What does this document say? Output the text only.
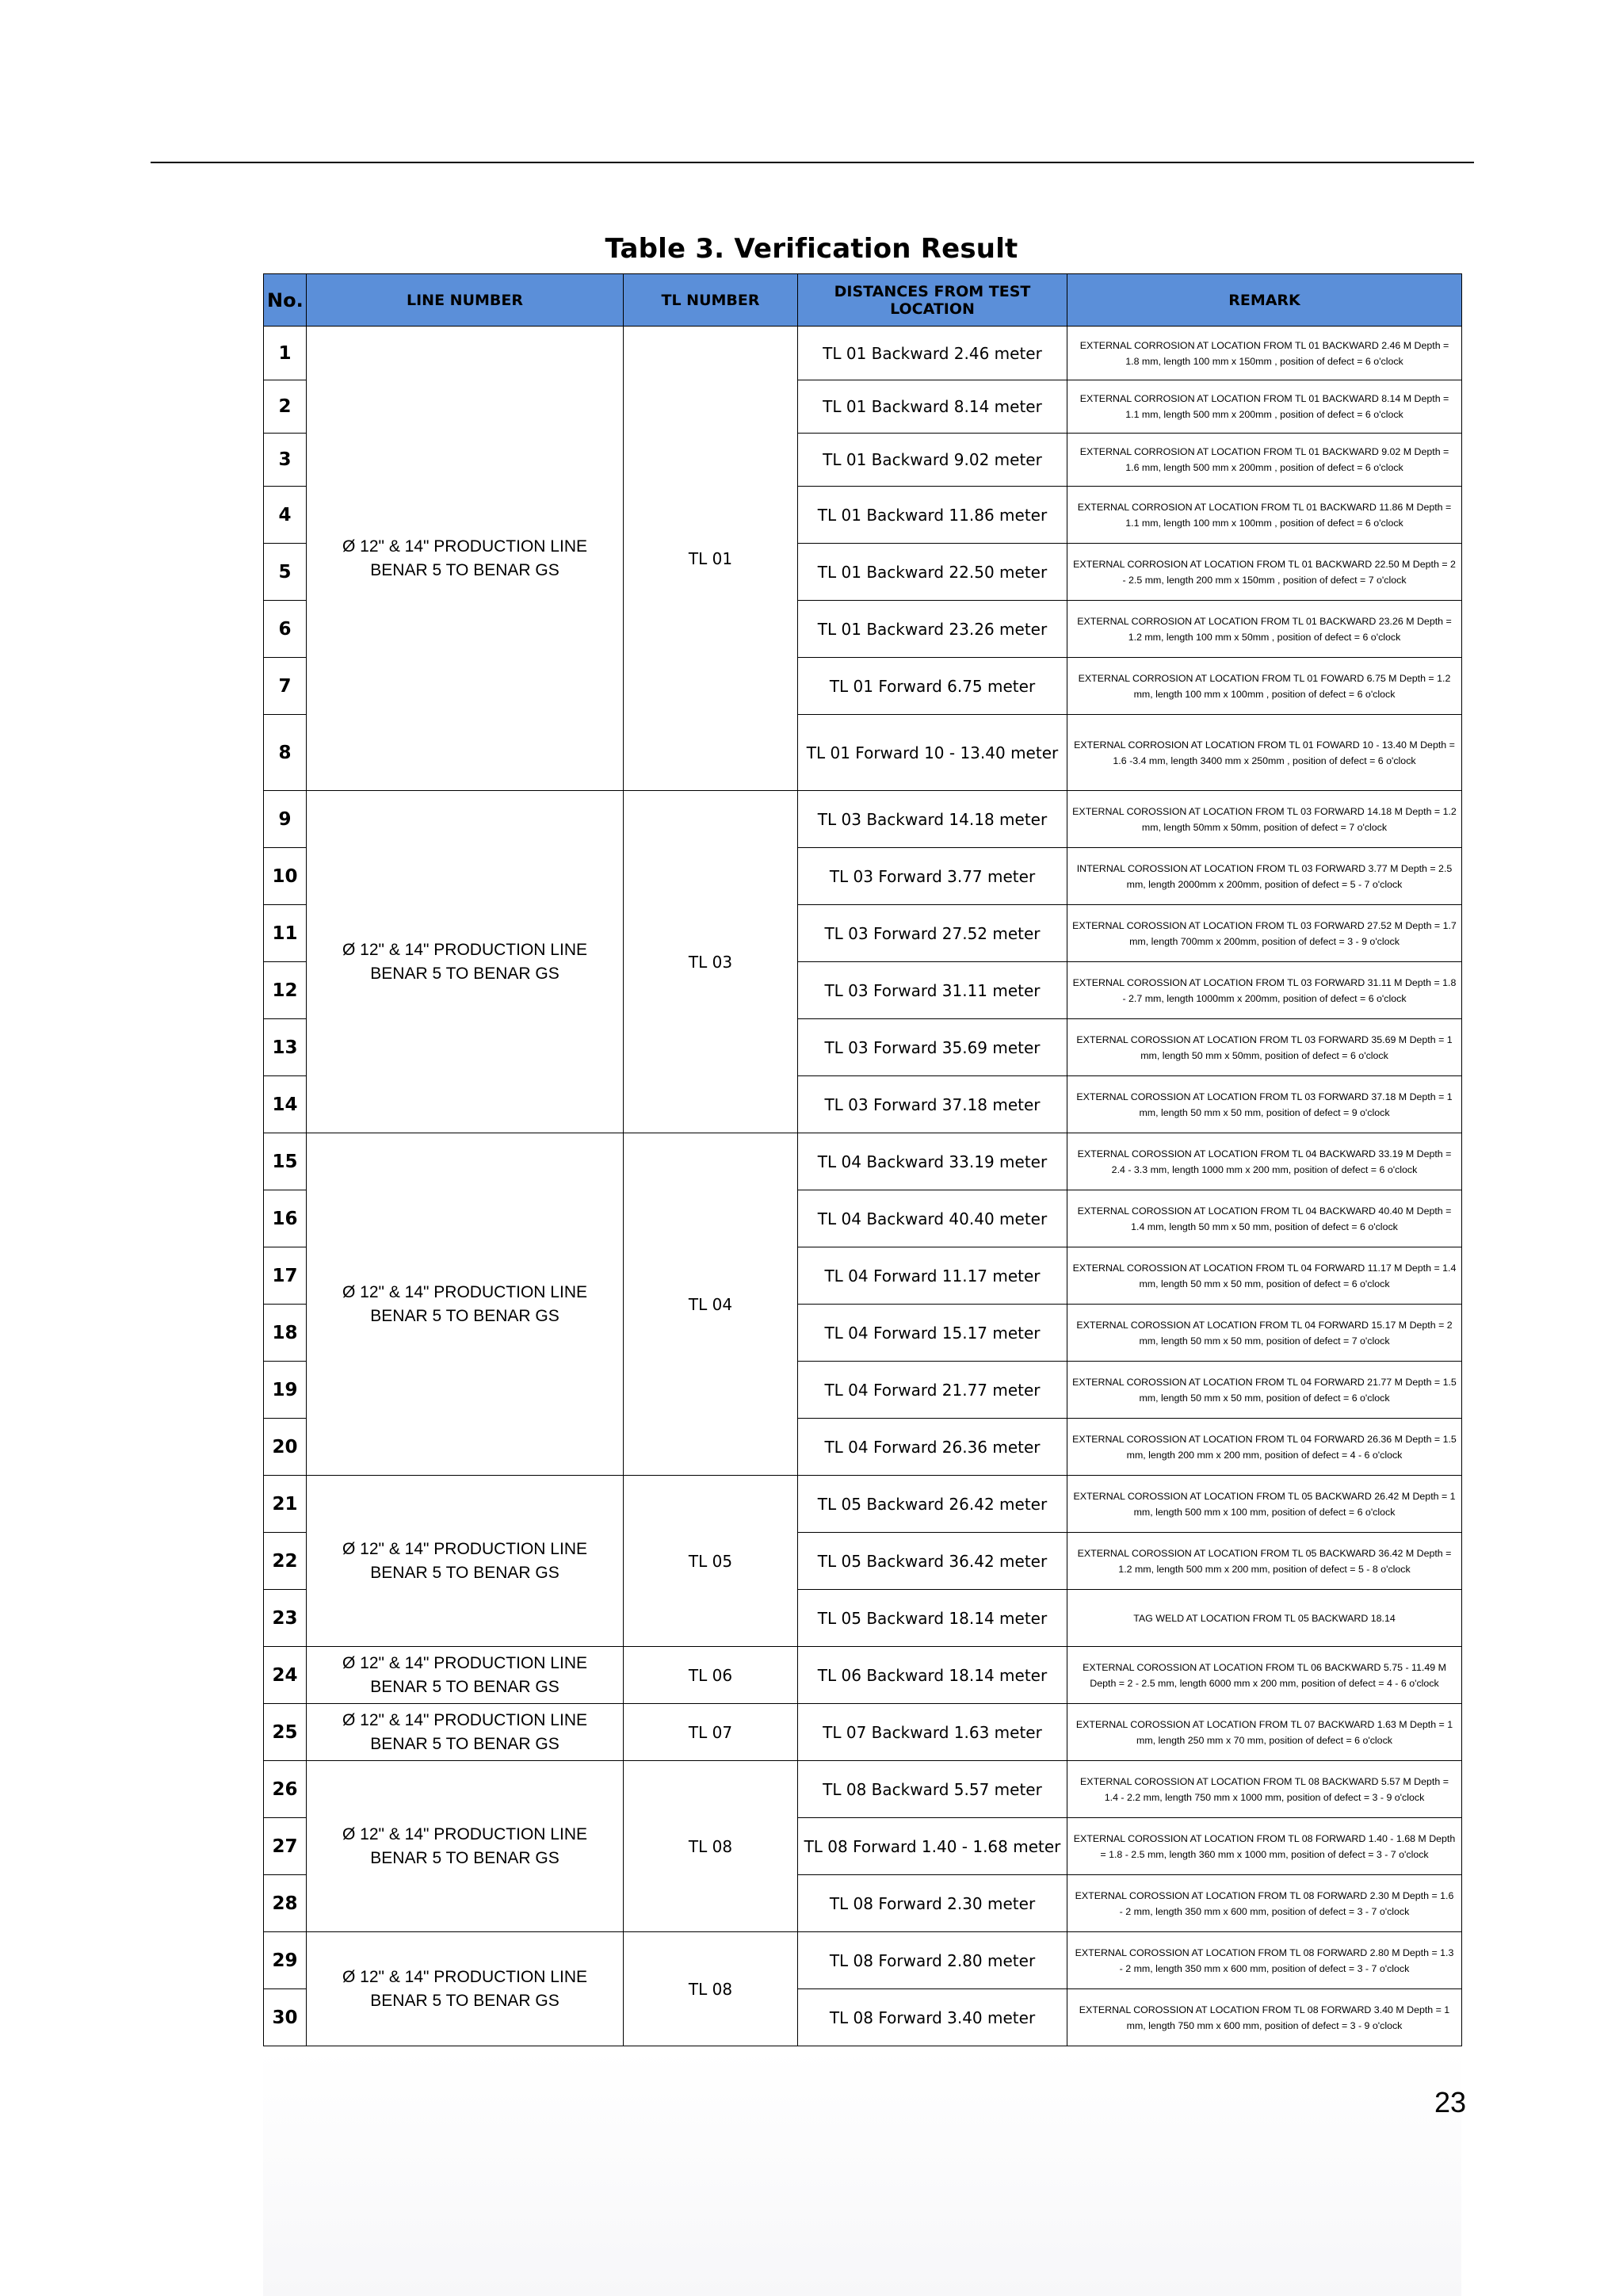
Table 3. Verification Result
No.	LINE NUMBER	TL NUMBER	DISTANCES FROM TEST LOCATION	REMARK
1	Ø 12" & 14" PRODUCTION LINE BENAR 5 TO BENAR GS	TL 01	TL 01 Backward 2.46 meter	EXTERNAL CORROSION AT LOCATION FROM TL 01 BACKWARD 2.46 M Depth = 1.8 mm, length 100 mm x 150mm , position of defect = 6 o'clock
2			TL 01 Backward 8.14 meter	EXTERNAL CORROSION AT LOCATION FROM TL 01 BACKWARD 8.14 M Depth = 1.1 mm, length 500 mm x 200mm , position of defect = 6 o'clock
3			TL 01 Backward 9.02 meter	EXTERNAL CORROSION AT LOCATION FROM TL 01 BACKWARD 9.02 M Depth = 1.6 mm, length 500 mm x 200mm , position of defect = 6 o'clock
4			TL 01 Backward 11.86 meter	EXTERNAL CORROSION AT LOCATION FROM TL 01 BACKWARD 11.86 M Depth = 1.1 mm, length 100 mm x 100mm , position of defect = 6 o'clock
5			TL 01 Backward 22.50 meter	EXTERNAL CORROSION AT LOCATION FROM TL 01 BACKWARD 22.50 M Depth = 2 - 2.5 mm, length 200 mm x 150mm , position of defect = 7 o'clock
6			TL 01 Backward 23.26 meter	EXTERNAL CORROSION AT LOCATION FROM TL 01 BACKWARD 23.26 M Depth = 1.2 mm, length 100 mm x 50mm , position of defect = 6 o'clock
7			TL 01 Forward 6.75 meter	EXTERNAL CORROSION AT LOCATION FROM TL 01 FOWARD 6.75 M Depth = 1.2 mm, length 100 mm x 100mm , position of defect = 6 o'clock
8			TL 01 Forward 10 - 13.40 meter	EXTERNAL CORROSION AT LOCATION FROM TL 01 FOWARD 10 - 13.40 M Depth = 1.6 -3.4 mm, length 3400 mm x 250mm , position of defect = 6 o'clock
9	Ø 12" & 14" PRODUCTION LINE BENAR 5 TO BENAR GS	TL 03	TL 03 Backward 14.18 meter	EXTERNAL COROSSION AT LOCATION FROM TL 03 FORWARD 14.18 M Depth = 1.2 mm, length 50mm x 50mm, position of defect = 7 o'clock
10			TL 03 Forward 3.77 meter	INTERNAL COROSSION AT LOCATION FROM TL 03 FORWARD 3.77 M Depth = 2.5 mm, length 2000mm x 200mm, position of defect = 5 - 7 o'clock
11			TL 03 Forward 27.52 meter	EXTERNAL COROSSION AT LOCATION FROM TL 03 FORWARD 27.52 M Depth = 1.7 mm, length 700mm x 200mm, position of defect = 3 - 9 o'clock
12			TL 03 Forward 31.11 meter	EXTERNAL COROSSION AT LOCATION FROM TL 03 FORWARD 31.11 M Depth = 1.8 - 2.7 mm, length 1000mm x 200mm, position of defect = 6 o'clock
13			TL 03 Forward 35.69 meter	EXTERNAL COROSSION AT LOCATION FROM TL 03 FORWARD 35.69 M Depth = 1 mm, length 50 mm x 50mm, position of defect = 6 o'clock
14			TL 03 Forward 37.18 meter	EXTERNAL COROSSION AT LOCATION FROM TL 03 FORWARD 37.18 M Depth = 1 mm, length 50 mm x 50 mm, position of defect = 9 o'clock
15	Ø 12" & 14" PRODUCTION LINE BENAR 5 TO BENAR GS	TL 04	TL 04 Backward 33.19 meter	EXTERNAL COROSSION AT LOCATION FROM TL 04 BACKWARD 33.19 M Depth = 2.4 - 3.3 mm, length 1000 mm x 200 mm, position of defect = 6 o'clock
16			TL 04 Backward 40.40 meter	EXTERNAL COROSSION AT LOCATION FROM TL 04 BACKWARD 40.40 M Depth = 1.4 mm, length 50 mm x 50 mm, position of defect = 6 o'clock
17			TL 04 Forward 11.17 meter	EXTERNAL COROSSION AT LOCATION FROM TL 04 FORWARD 11.17 M Depth = 1.4 mm, length 50 mm x 50 mm, position of defect = 6 o'clock
18			TL 04 Forward 15.17 meter	EXTERNAL COROSSION AT LOCATION FROM TL 04 FORWARD 15.17 M Depth = 2 mm, length 50 mm x 50 mm, position of defect = 7 o'clock
19			TL 04 Forward 21.77 meter	EXTERNAL COROSSION AT LOCATION FROM TL 04 FORWARD 21.77 M Depth = 1.5 mm, length 50 mm x 50 mm, position of defect = 6 o'clock
20			TL 04 Forward 26.36 meter	EXTERNAL COROSSION AT LOCATION FROM TL 04 FORWARD 26.36 M Depth = 1.5 mm, length 200 mm x 200 mm, position of defect = 4 - 6 o'clock
21	Ø 12" & 14" PRODUCTION LINE BENAR 5 TO BENAR GS	TL 05	TL 05 Backward 26.42 meter	EXTERNAL COROSSION AT LOCATION FROM TL 05 BACKWARD 26.42 M Depth = 1 mm, length 500 mm x 100 mm, position of defect = 6 o'clock
22			TL 05 Backward 36.42 meter	EXTERNAL COROSSION AT LOCATION FROM TL 05 BACKWARD 36.42 M Depth = 1.2 mm, length 500 mm x 200 mm, position of defect = 5 - 8 o'clock
23			TL 05 Backward 18.14 meter	TAG WELD AT LOCATION FROM TL 05 BACKWARD 18.14
24	Ø 12" & 14" PRODUCTION LINE BENAR 5 TO BENAR GS	TL 06	TL 06 Backward 18.14 meter	EXTERNAL COROSSION AT LOCATION FROM TL 06 BACKWARD 5.75 - 11.49 M Depth = 2 - 2.5 mm, length 6000 mm x 200 mm, position of defect = 4 - 6 o'clock
25	Ø 12" & 14" PRODUCTION LINE BENAR 5 TO BENAR GS	TL 07	TL 07 Backward 1.63 meter	EXTERNAL COROSSION AT LOCATION FROM TL 07 BACKWARD 1.63 M Depth = 1 mm, length 250 mm x 70 mm, position of defect = 6 o'clock
26	Ø 12" & 14" PRODUCTION LINE BENAR 5 TO BENAR GS	TL 08	TL 08 Backward 5.57 meter	EXTERNAL COROSSION AT LOCATION FROM TL 08 BACKWARD 5.57 M Depth = 1.4 - 2.2 mm, length 750 mm x 1000 mm, position of defect = 3 - 9 o'clock
27			TL 08 Forward 1.40 - 1.68 meter	EXTERNAL COROSSION AT LOCATION FROM TL 08 FORWARD 1.40 - 1.68 M Depth = 1.8 - 2.5 mm, length 360 mm x 1000 mm, position of defect = 3 - 7 o'clock
28			TL 08 Forward 2.30 meter	EXTERNAL COROSSION AT LOCATION FROM TL 08 FORWARD 2.30 M Depth = 1.6 - 2 mm, length 350 mm x 600 mm, position of defect = 3 - 7 o'clock
29	Ø 12" & 14" PRODUCTION LINE BENAR 5 TO BENAR GS	TL 08	TL 08 Forward 2.80 meter	EXTERNAL COROSSION AT LOCATION FROM TL 08 FORWARD 2.80 M Depth = 1.3 - 2 mm, length 350 mm x 600 mm, position of defect = 3 - 7 o'clock
30			TL 08 Forward 3.40 meter	EXTERNAL COROSSION AT LOCATION FROM TL 08 FORWARD 3.40 M Depth = 1 mm, length 750 mm x 600 mm, position of defect = 3 - 9 o'clock
23
